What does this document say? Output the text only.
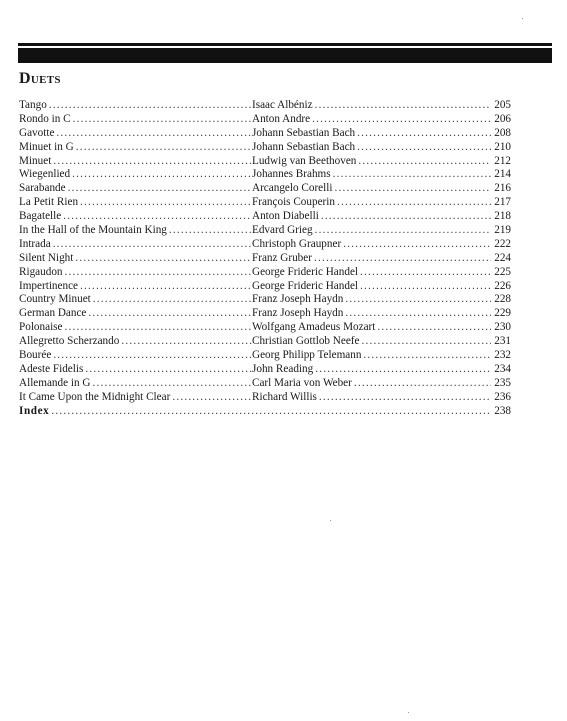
Duets
Tango .....	Isaac Albéniz .....	205
Rondo in C .....	Anton Andre .....	206
Gavotte .....	Johann Sebastian Bach .....	208
Minuet in G .....	Johann Sebastian Bach .....	210
Minuet .....	Ludwig van Beethoven .....	212
Wiegenlied .....	Johannes Brahms .....	214
Sarabande .....	Arcangelo Corelli .....	216
La Petit Rien .....	François Couperin .....	217
Bagatelle .....	Anton Diabelli .....	218
In the Hall of the Mountain King .....	Edvard Grieg .....	219
Intrada .....	Christoph Graupner .....	222
Silent Night .....	Franz Gruber .....	224
Rigaudon .....	George Frideric Handel .....	225
Impertinence .....	George Frideric Handel .....	226
Country Minuet .....	Franz Joseph Haydn .....	228
German Dance .....	Franz Joseph Haydn .....	229
Polonaise .....	Wolfgang Amadeus Mozart .....	230
Allegretto Scherzando .....	Christian Gottlob Neefe .....	231
Bourée .....	Georg Philipp Telemann .....	232
Adeste Fidelis .....	John Reading .....	234
Allemande in G .....	Carl Maria von Weber .....	235
It Came Upon the Midnight Clear .....	Richard Willis .....	236
Index .....	238
